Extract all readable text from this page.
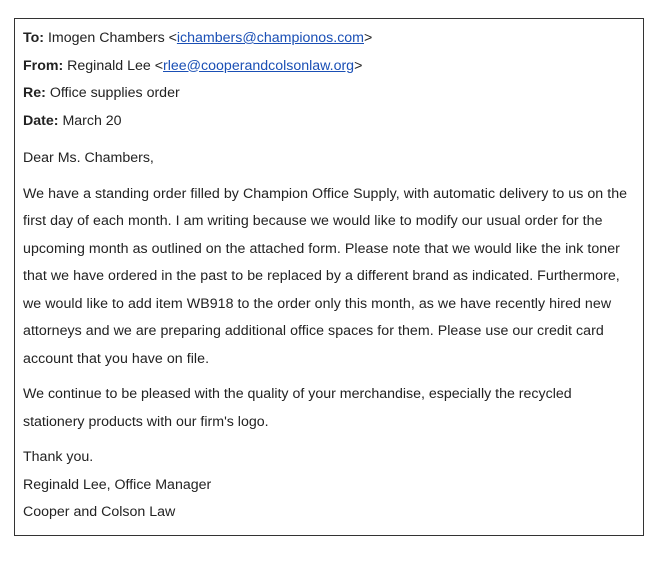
To: Imogen Chambers <ichambers@championos.com>
From: Reginald Lee <rlee@cooperandcolsonlaw.org>
Re: Office supplies order
Date: March 20

Dear Ms. Chambers,

We have a standing order filled by Champion Office Supply, with automatic delivery to us on the first day of each month. I am writing because we would like to modify our usual order for the upcoming month as outlined on the attached form. Please note that we would like the ink toner that we have ordered in the past to be replaced by a different brand as indicated. Furthermore, we would like to add item WB918 to the order only this month, as we have recently hired new attorneys and we are preparing additional office spaces for them. Please use our credit card account that you have on file.

We continue to be pleased with the quality of your merchandise, especially the recycled stationery products with our firm's logo.

Thank you.

Reginald Lee, Office Manager
Cooper and Colson Law
